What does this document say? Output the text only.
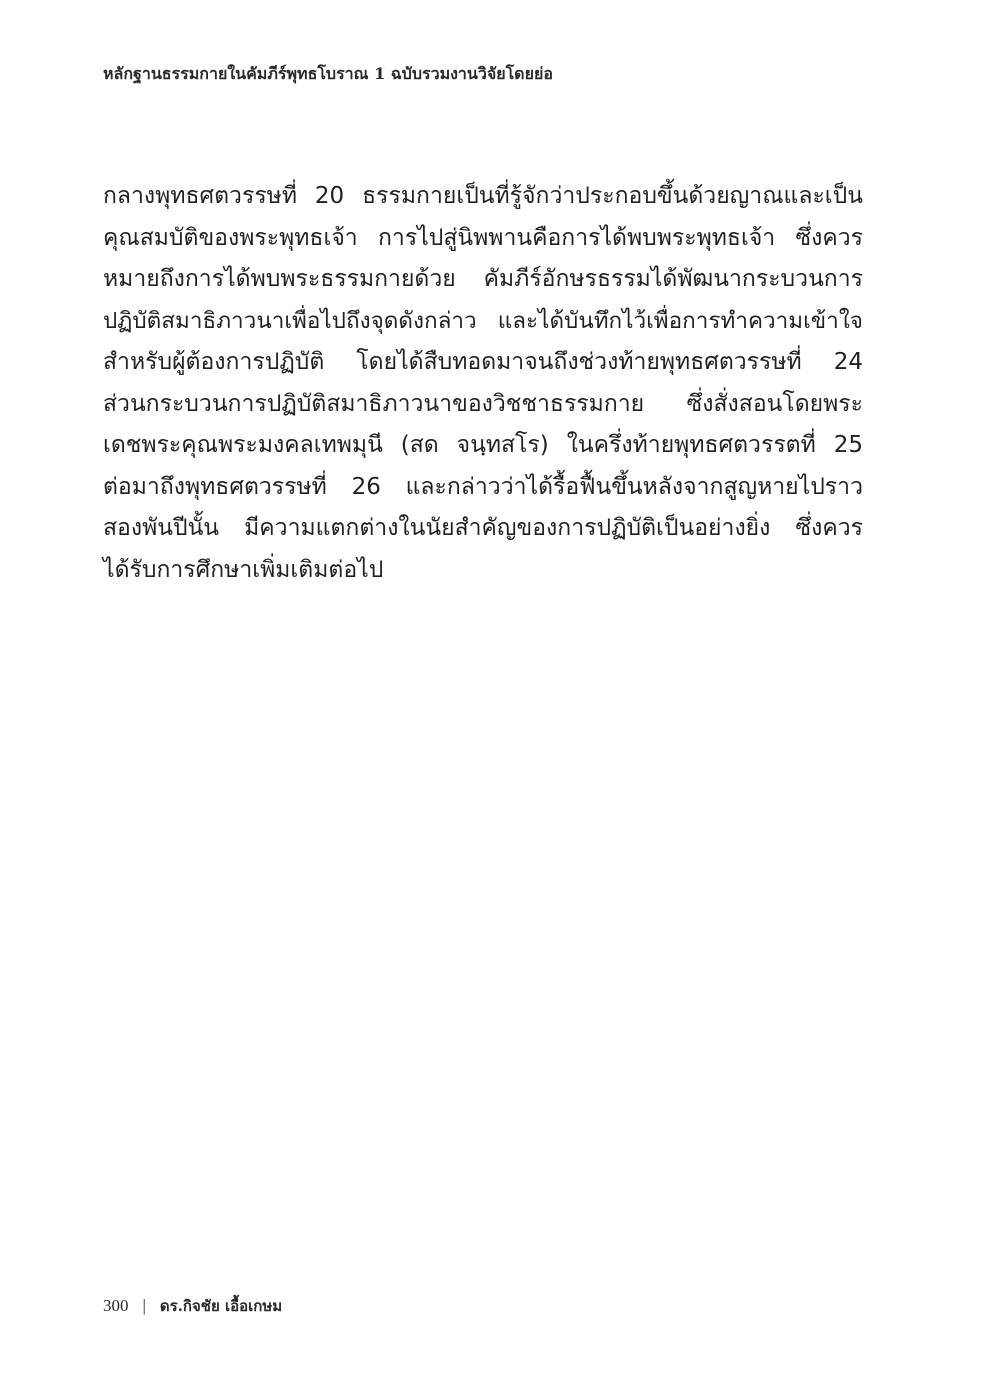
หลักฐานธรรมกายในคัมภีร์พุทธโบราณ 1 ฉบับรวมงานวิจัยโดยย่อ
กลางพุทธศตวรรษที่ 20 ธรรมกายเป็นที่รู้จักว่าประกอบขึ้นด้วยญาณและเป็น
คุณสมบัติของพระพุทธเจ้า การไปสู่นิพพานคือการได้พบพระพุทธเจ้า ซึ่งควร
หมายถึงการได้พบพระธรรมกายด้วย คัมภีร์อักษรธรรมได้พัฒนากระบวนการ
ปฏิบัติสมาธิภาวนาเพื่อไปถึงจุดดังกล่าว และได้บันทึกไว้เพื่อการทำความเข้าใจ
สำหรับผู้ต้องการปฏิบัติ โดยได้สืบทอดมาจนถึงช่วงท้ายพุทธศตวรรษที่ 24
ส่วนกระบวนการปฏิบัติสมาธิภาวนาของวิชชาธรรมกาย ซึ่งสั่งสอนโดยพระ
เดชพระคุณพระมงคลเทพมุนี (สด จนฺทสโร) ในครึ่งท้ายพุทธศตวรรตที่ 25
ต่อมาถึงพุทธศตวรรษที่ 26 และกล่าวว่าได้รื้อฟื้นขึ้นหลังจากสูญหายไปราว
สองพันปีนั้น มีความแตกต่างในนัยสำคัญของการปฏิบัติเป็นอย่างยิ่ง ซึ่งควร
ได้รับการศึกษาเพิ่มเติมต่อไป
300 | ดร.กิจชัย เอื้อเกษม
